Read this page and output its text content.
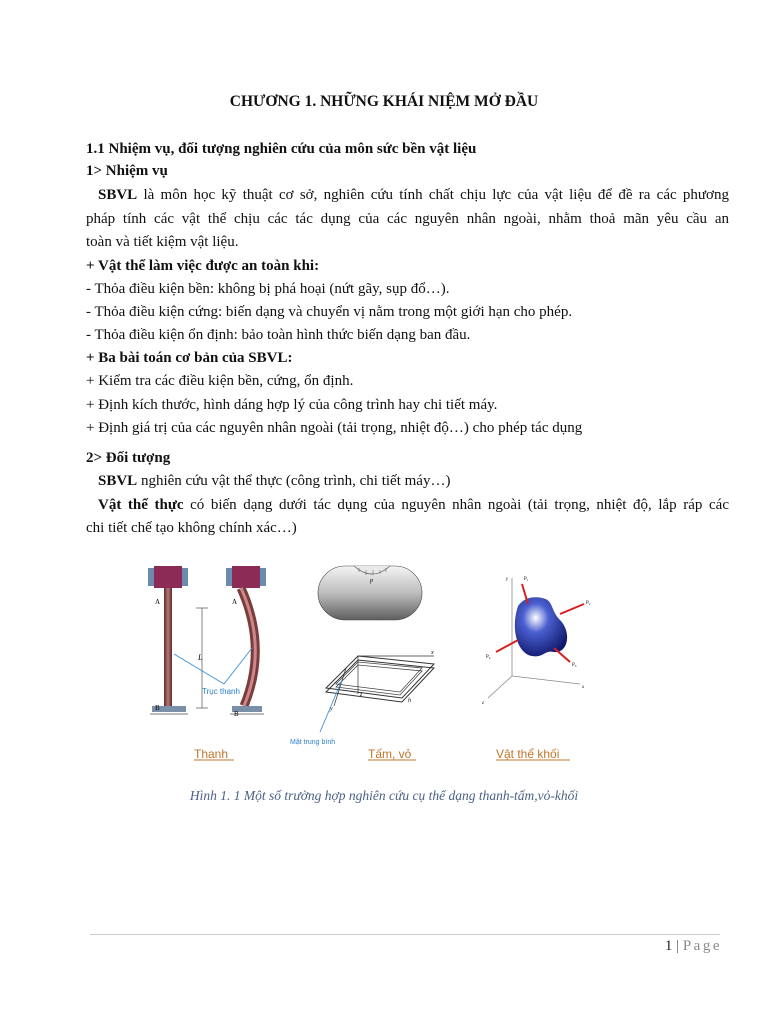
CHƯƠNG 1. NHỮNG KHÁI NIỆM MỞ ĐẦU
1.1 Nhiệm vụ, đối tượng nghiên cứu của môn sức bền vật liệu
1> Nhiệm vụ
SBVL là môn học kỹ thuật cơ sở, nghiên cứu tính chất chịu lực của vật liệu để đề ra các phương
pháp tính các vật thể chịu các tác dụng của các nguyên nhân ngoài, nhằm thoả mãn yêu cầu an
toàn và tiết kiệm vật liệu.
+ Vật thể làm việc được an toàn khi:
- Thỏa điều kiện bền: không bị phá hoại (nứt gãy, sụp đổ…).
- Thỏa điều kiện cứng: biến dạng và chuyển vị nằm trong một giới hạn cho phép.
- Thỏa điều kiện ổn định: bảo toàn hình thức biến dạng ban đầu.
+ Ba bài toán cơ bản của SBVL:
+ Kiểm tra các điều kiện bền, cứng, ổn định.
+ Định kích thước, hình dáng hợp lý của công trình hay chi tiết máy.
+ Định giá trị của các nguyên nhân ngoài (tải trọng, nhiệt độ…) cho phép tác dụng
2> Đối tượng
SBVL nghiên cứu vật thể thực (công trình, chi tiết máy…)
Vật thể thực có biến dạng dưới tác dụng của nguyên nhân ngoài (tải trọng, nhiệt độ, lắp ráp các
chi tiết chế tạo không chính xác…)
A
B
L
A
B
Trục thanh
p
x
z
y
h
Mặt trung bình
y	P₁
P₂
P₃
P₄
x
z
Thanh	Tấm, vỏ	Vật thể khối
Hình 1. 1 Một số trường hợp nghiên cứu cụ thể dạng thanh-tấm,vỏ-khối
1 | Page
